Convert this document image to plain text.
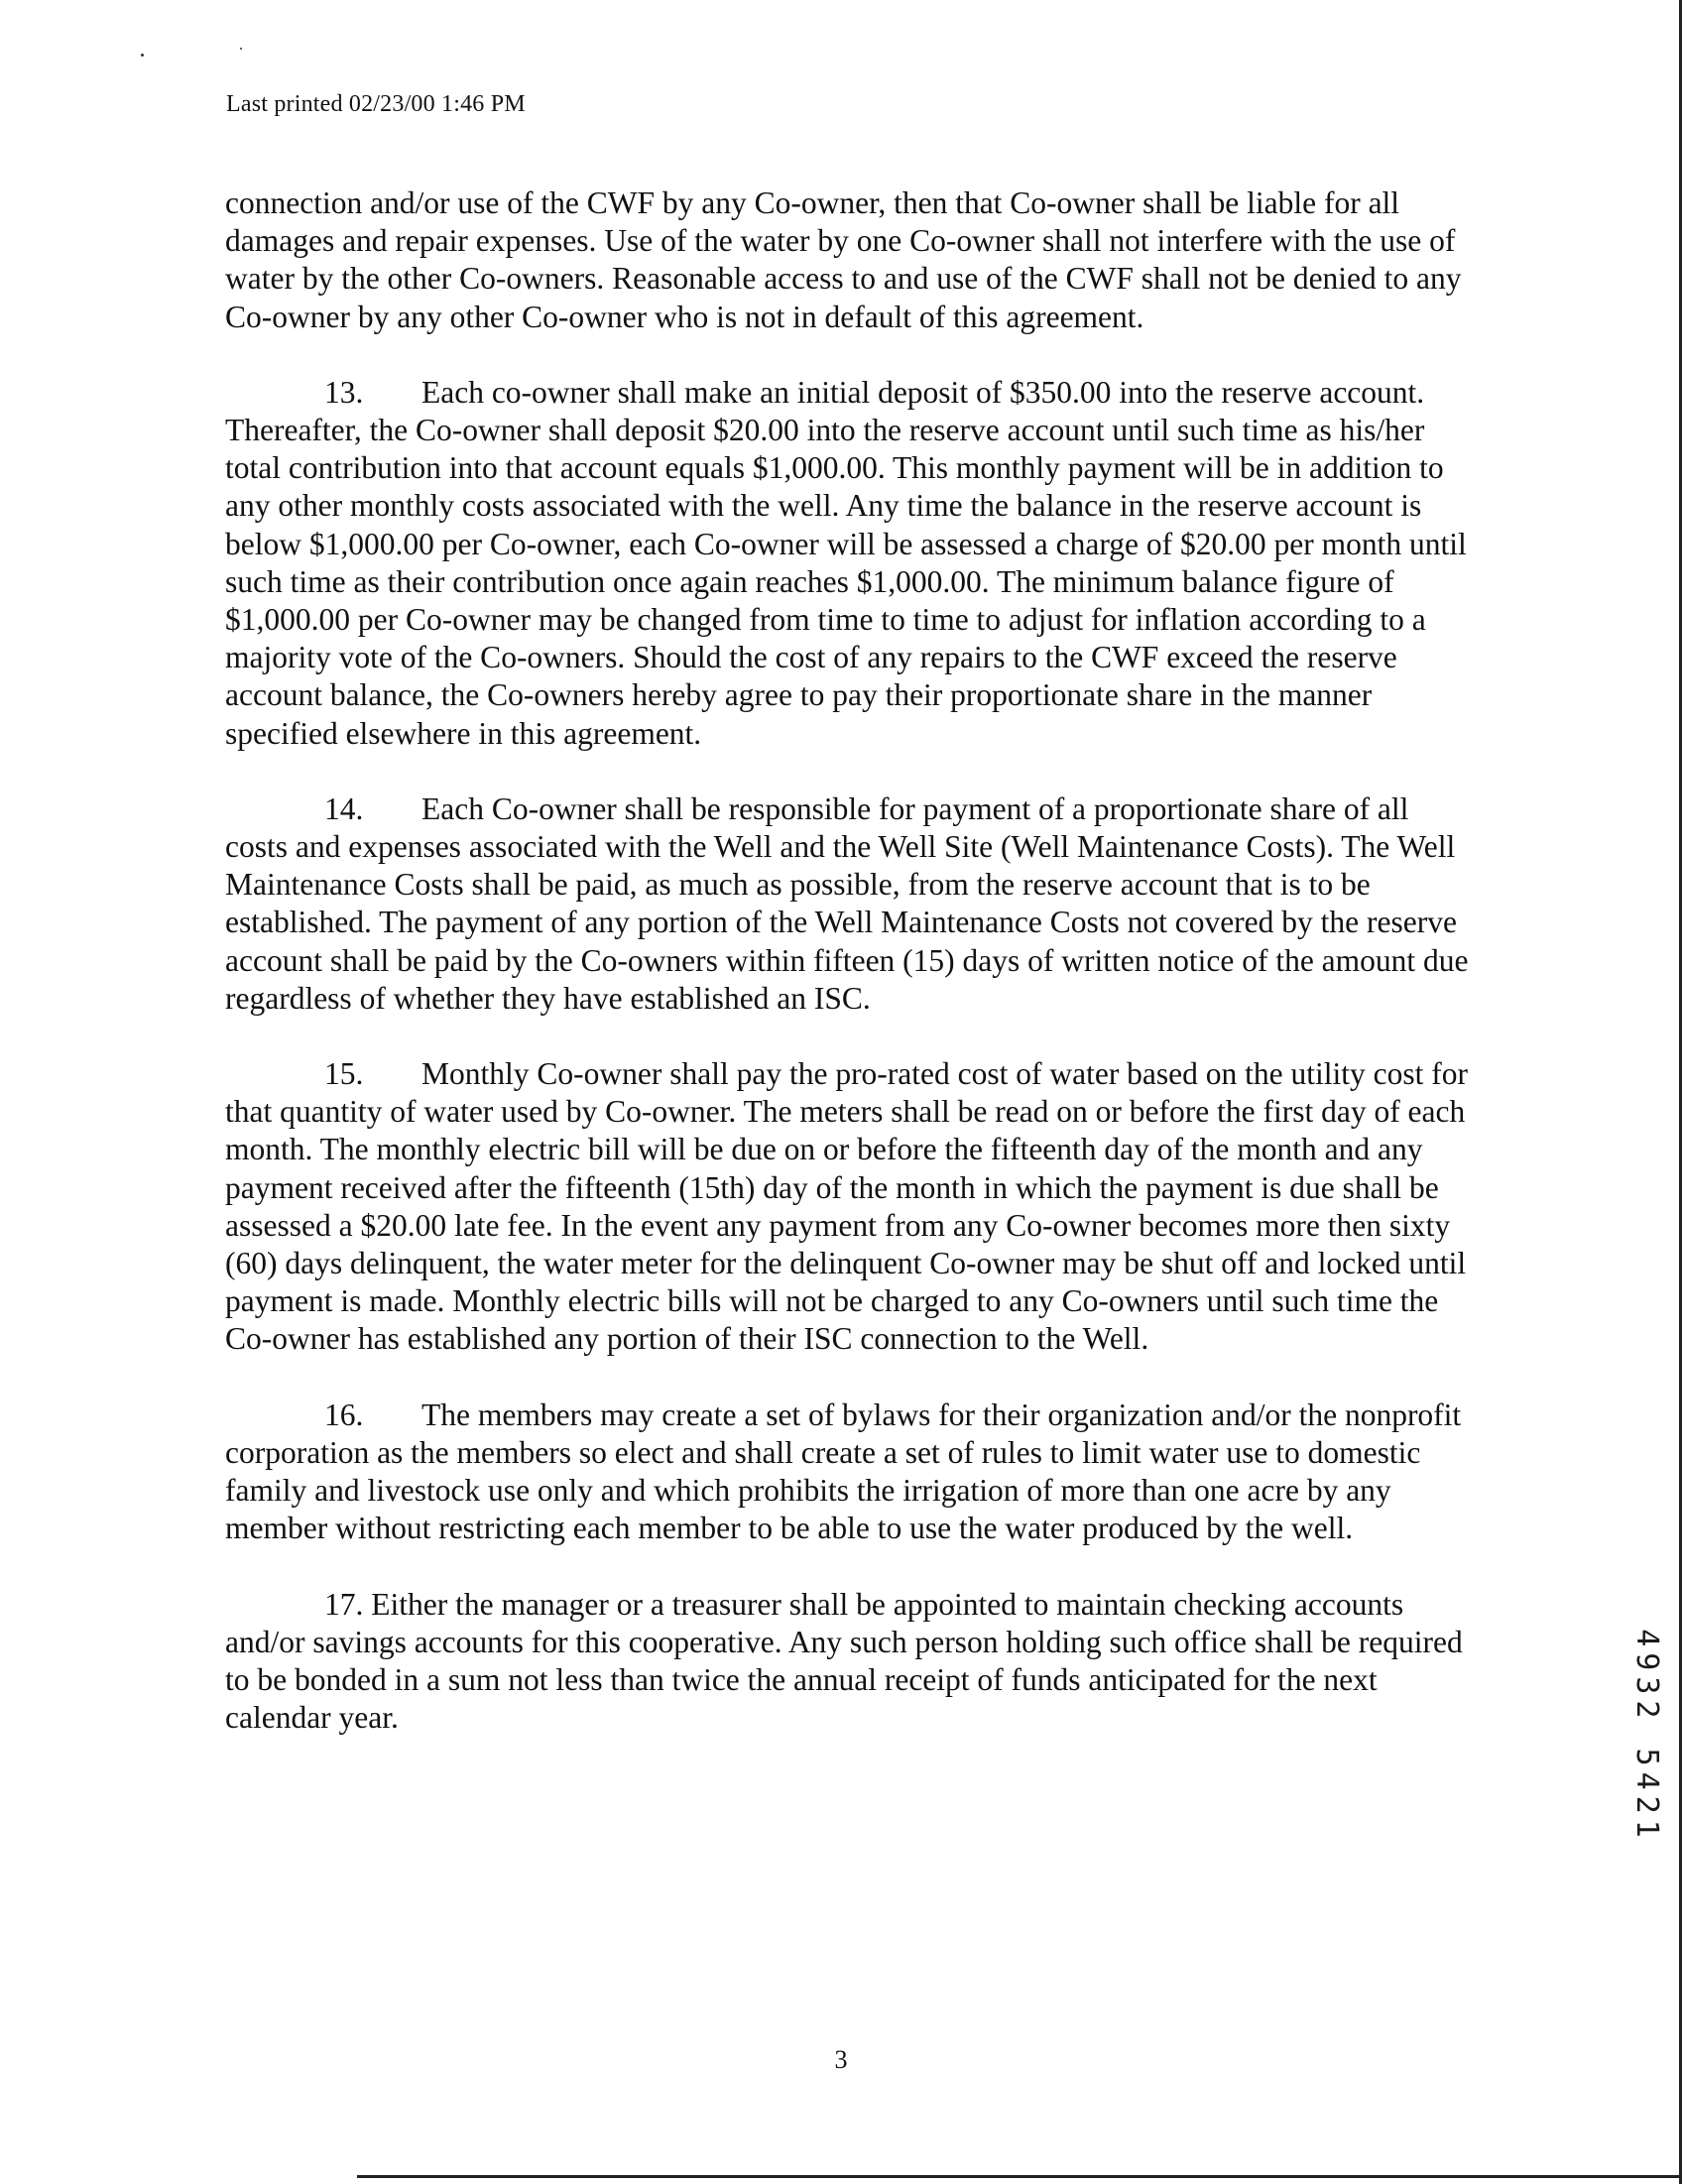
Last printed 02/23/00 1:46 PM

connection and/or use of the CWF by any Co-owner, then that Co-owner shall be liable for all damages and repair expenses. Use of the water by one Co-owner shall not interfere with the use of water by the other Co-owners. Reasonable access to and use of the CWF shall not be denied to any Co-owner by any other Co-owner who is not in default of this agreement.

13. Each co-owner shall make an initial deposit of $350.00 into the reserve account. Thereafter, the Co-owner shall deposit $20.00 into the reserve account until such time as his/her total contribution into that account equals $1,000.00. This monthly payment will be in addition to any other monthly costs associated with the well. Any time the balance in the reserve account is below $1,000.00 per Co-owner, each Co-owner will be assessed a charge of $20.00 per month until such time as their contribution once again reaches $1,000.00. The minimum balance figure of $1,000.00 per Co-owner may be changed from time to time to adjust for inflation according to a majority vote of the Co-owners. Should the cost of any repairs to the CWF exceed the reserve account balance, the Co-owners hereby agree to pay their proportionate share in the manner specified elsewhere in this agreement.

14. Each Co-owner shall be responsible for payment of a proportionate share of all costs and expenses associated with the Well and the Well Site (Well Maintenance Costs). The Well Maintenance Costs shall be paid, as much as possible, from the reserve account that is to be established. The payment of any portion of the Well Maintenance Costs not covered by the reserve account shall be paid by the Co-owners within fifteen (15) days of written notice of the amount due regardless of whether they have established an ISC.

15. Monthly Co-owner shall pay the pro-rated cost of water based on the utility cost for that quantity of water used by Co-owner. The meters shall be read on or before the first day of each month. The monthly electric bill will be due on or before the fifteenth day of the month and any payment received after the fifteenth (15th) day of the month in which the payment is due shall be assessed a $20.00 late fee. In the event any payment from any Co-owner becomes more then sixty (60) days delinquent, the water meter for the delinquent Co-owner may be shut off and locked until payment is made. Monthly electric bills will not be charged to any Co-owners until such time the Co-owner has established any portion of their ISC connection to the Well.

16. The members may create a set of bylaws for their organization and/or the nonprofit corporation as the members so elect and shall create a set of rules to limit water use to domestic family and livestock use only and which prohibits the irrigation of more than one acre by any member without restricting each member to be able to use the water produced by the well.

17. Either the manager or a treasurer shall be appointed to maintain checking accounts and/or savings accounts for this cooperative. Any such person holding such office shall be required to be bonded in a sum not less than twice the annual receipt of funds anticipated for the next calendar year.	4932 5421
3
